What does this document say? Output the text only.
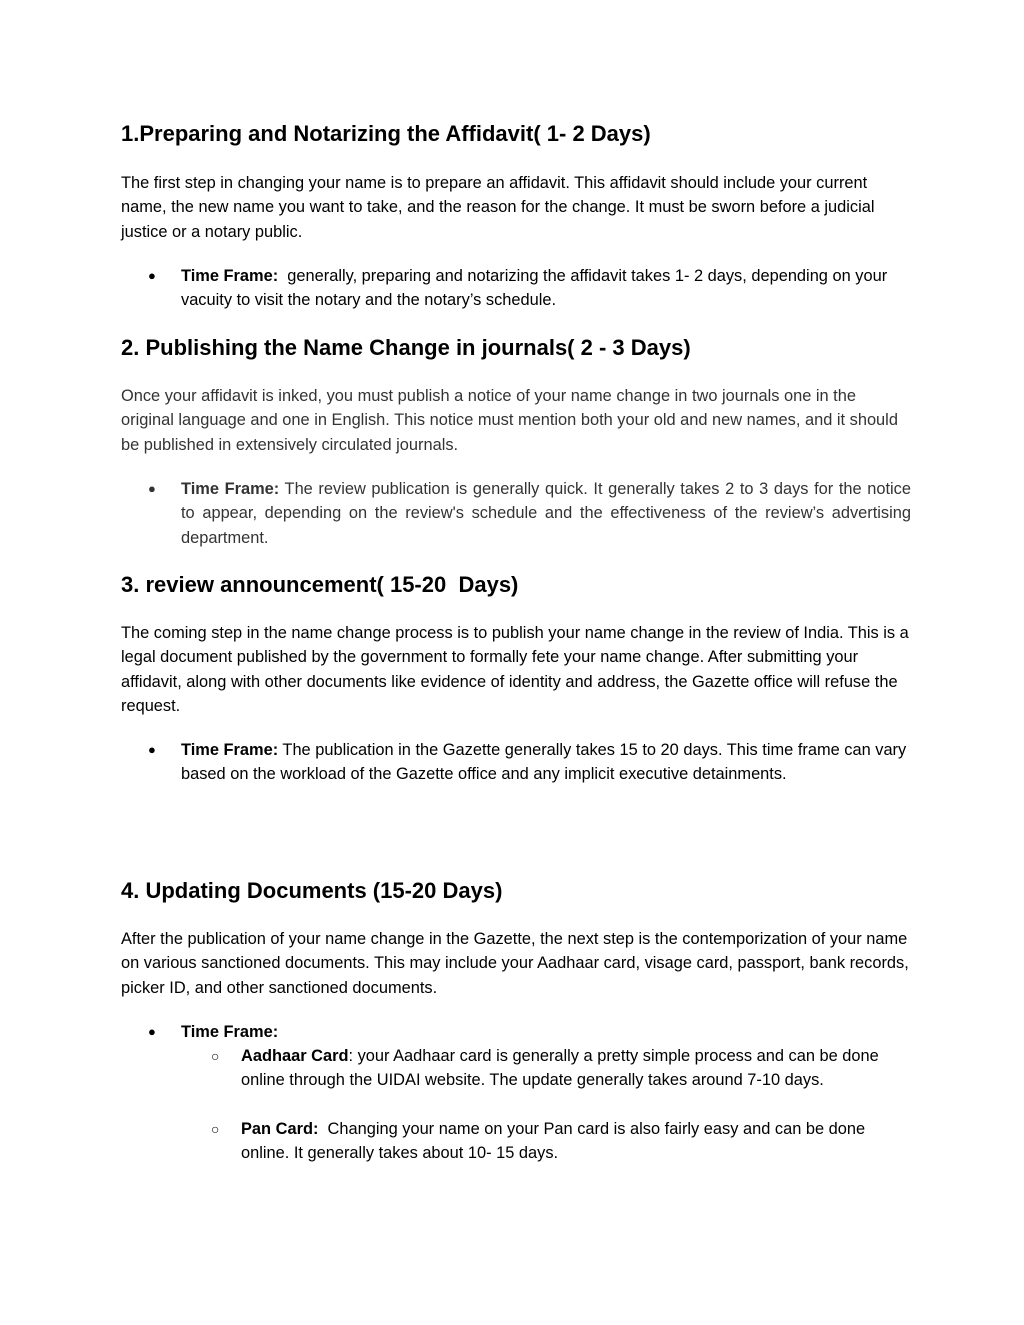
1.Preparing and Notarizing the Affidavit( 1- 2 Days)

The first step in changing your name is to prepare an affidavit. This affidavit should include your current name, the new name you want to take, and the reason for the change. It must be sworn before a judicial justice or a notary public.

● Time Frame:  generally, preparing and notarizing the affidavit takes 1- 2 days, depending on your vacuity to visit the notary and the notary’s schedule.
2. Publishing the Name Change in journals( 2 - 3 Days)

Once your affidavit is inked, you must publish a notice of your name change in two journals one in the original language and one in English. This notice must mention both your old and new names, and it should be published in extensively circulated journals.

● Time Frame: The review publication is generally quick. It generally takes 2 to 3 days for the notice to appear, depending on the review's schedule and the effectiveness of the review’s advertising department.
3. review announcement( 15-20  Days)

The coming step in the name change process is to publish your name change in the review of India. This is a legal document published by the government to formally fete your name change. After submitting your affidavit, along with other documents like evidence of identity and address, the Gazette office will refuse the request.

● Time Frame: The publication in the Gazette generally takes 15 to 20 days. This time frame can vary based on the workload of the Gazette office and any implicit executive detainments.
4. Updating Documents (15-20 Days)

After the publication of your name change in the Gazette, the next step is the contemporization of your name on various sanctioned documents. This may include your Aadhaar card, visage card, passport, bank records, picker ID, and other sanctioned documents.

● Time Frame:
○ Aadhaar Card: your Aadhaar card is generally a pretty simple process and can be done online through the UIDAI website. The update generally takes around 7-10 days.
○ Pan Card:  Changing your name on your Pan card is also fairly easy and can be done online. It generally takes about 10- 15 days.
